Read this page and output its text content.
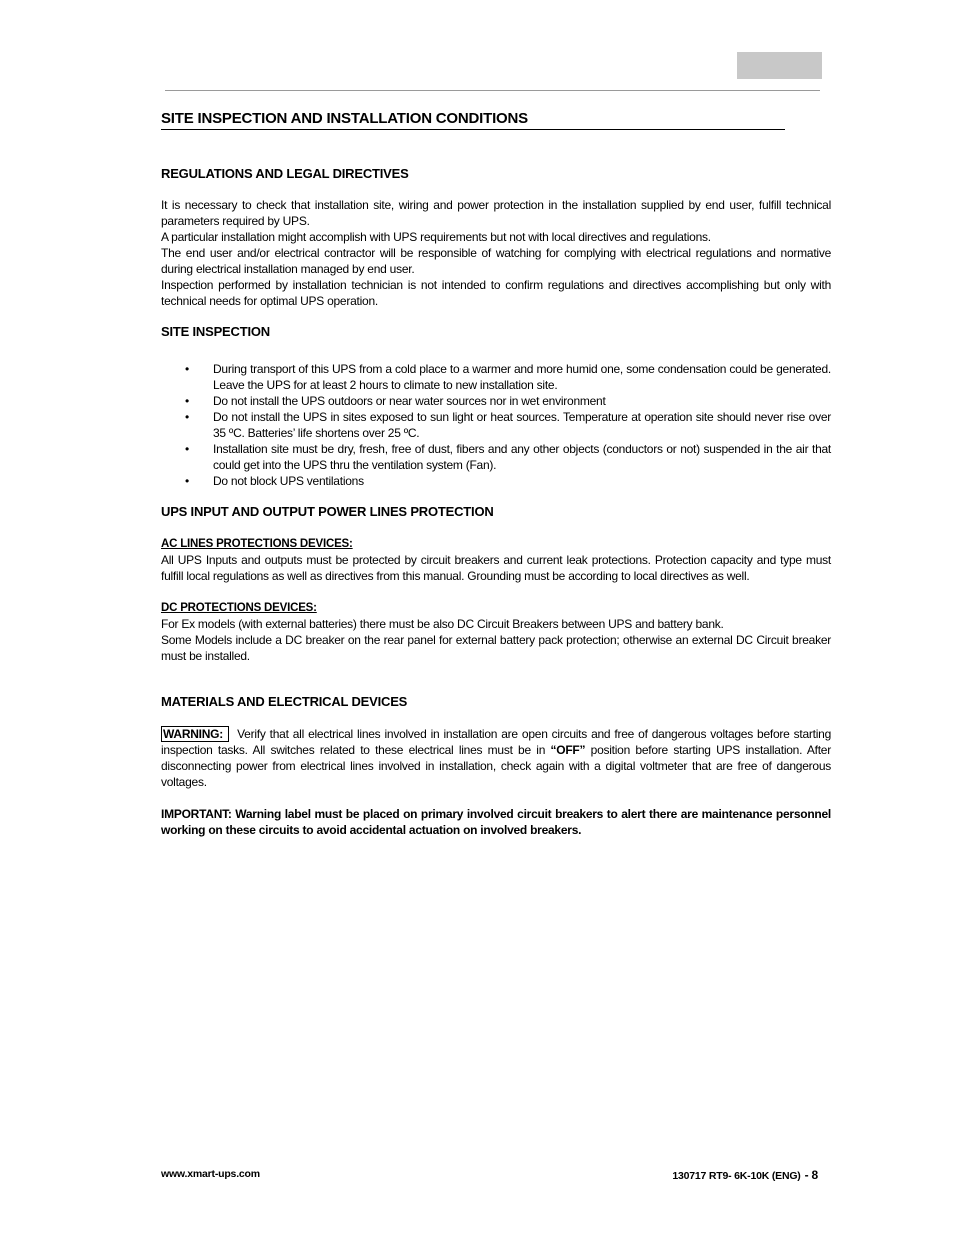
SITE INSPECTION AND INSTALLATION CONDITIONS
REGULATIONS AND LEGAL DIRECTIVES

It is necessary to check that installation site, wiring and power protection in the installation supplied by end user, fulfill technical parameters required by UPS.

A particular installation might accomplish with UPS requirements but not with local directives and regulations.

The end user and/or electrical contractor will be responsible of watching for complying with electrical regulations and normative during electrical installation managed by end user.

Inspection performed by installation technician is not intended to confirm regulations and directives accomplishing but only with technical needs for optimal UPS operation.

SITE INSPECTION
• During transport of this UPS from a cold place to a warmer and more humid one, some condensation could be generated. Leave the UPS for at least 2 hours to climate to new installation site.
• Do not install the UPS outdoors or near water sources nor in wet environment
• Do not install the UPS in sites exposed to sun light or heat sources. Temperature at operation site should never rise over 35 ºC. Batteries’ life shortens over 25 ºC.
• Installation site must be dry, fresh, free of dust, fibers and any other objects (conductors or not) suspended in the air that could get into the UPS thru the ventilation system (Fan).
• Do not block UPS ventilations
UPS INPUT AND OUTPUT POWER LINES PROTECTION

AC LINES PROTECTIONS DEVICES:

All UPS Inputs and outputs must be protected by circuit breakers and current leak protections. Protection capacity and type must fulfill local regulations as well as directives from this manual. Grounding must be according to local directives as well.

DC PROTECTIONS DEVICES:

For Ex models (with external batteries) there must be also DC Circuit Breakers between UPS and battery bank.

Some Models include a DC breaker on the rear panel for external battery pack protection; otherwise an external DC Circuit breaker must be installed.

MATERIALS AND ELECTRICAL DEVICES

WARNING: Verify that all electrical lines involved in installation are open circuits and free of dangerous voltages before starting inspection tasks. All switches related to these electrical lines must be in “OFF” position before starting UPS installation. After disconnecting power from electrical lines involved in installation, check again with a digital voltmeter that are free of dangerous voltages.

IMPORTANT: Warning label must be placed on primary involved circuit breakers to alert there are maintenance personnel working on these circuits to avoid accidental actuation on involved breakers.

www.xmart-ups.com	130717 RT9- 6K-10K (ENG) - 8
